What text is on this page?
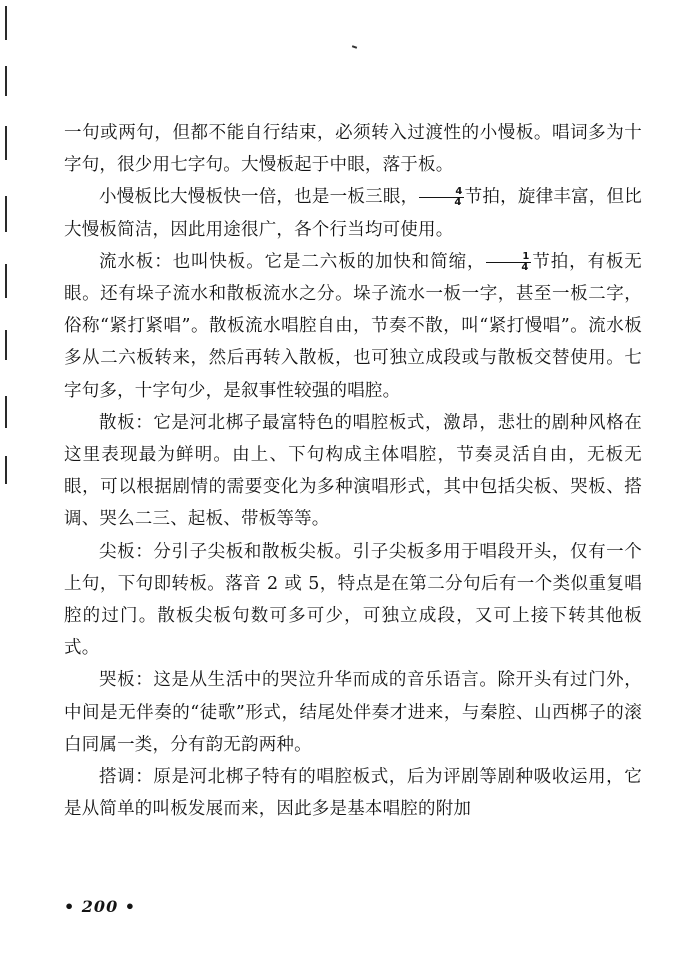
一句或两句，但都不能自行结束，必须转入过渡性的小慢板。唱词多为十字句，很少用七字句。大慢板起于中眼，落于板。

小慢板比大慢板快一倍，也是一板三眼， $\frac{4}{4}$ 节拍，旋律丰富，但比大慢板简洁，因此用途很广，各个行当均可使用。

流水板：也叫快板。它是二六板的加快和简缩， $\frac{1}{4}$ 节拍，有板无眼。还有垛子流水和散板流水之分。垛子流水一板一字，甚至一板二字，俗称“紧打紧唱”。散板流水唱腔自由，节奏不散，叫“紧打慢唱”。流水板多从二六板转来，然后再转入散板，也可独立成段或与散板交替使用。七字句多，十字句少，是叙事性较强的唱腔。

散板：它是河北梆子最富特色的唱腔板式，激昂，悲壮的剧种风格在这里表现最为鲜明。由上、下句构成主体唱腔，节奏灵活自由，无板无眼，可以根据剧情的需要变化为多种演唱形式，其中包括尖板、哭板、搭调、哭么二三、起板、带板等等。

尖板：分引子尖板和散板尖板。引子尖板多用于唱段开头，仅有一个上句，下句即转板。落音 2 或 5，特点是在第二分句后有一个类似重复唱腔的过门。散板尖板句数可多可少，可独立成段，又可上接下转其他板式。

哭板：这是从生活中的哭泣升华而成的音乐语言。除开头有过门外，中间是无伴奏的“徒歌”形式，结尾处伴奏才进来，与秦腔、山西梆子的滚白同属一类，分有韵无韵两种。

搭调：原是河北梆子特有的唱腔板式，后为评剧等剧种吸收运用，它是从简单的叫板发展而来，因此多是基本唱腔的附加

• 200 •
